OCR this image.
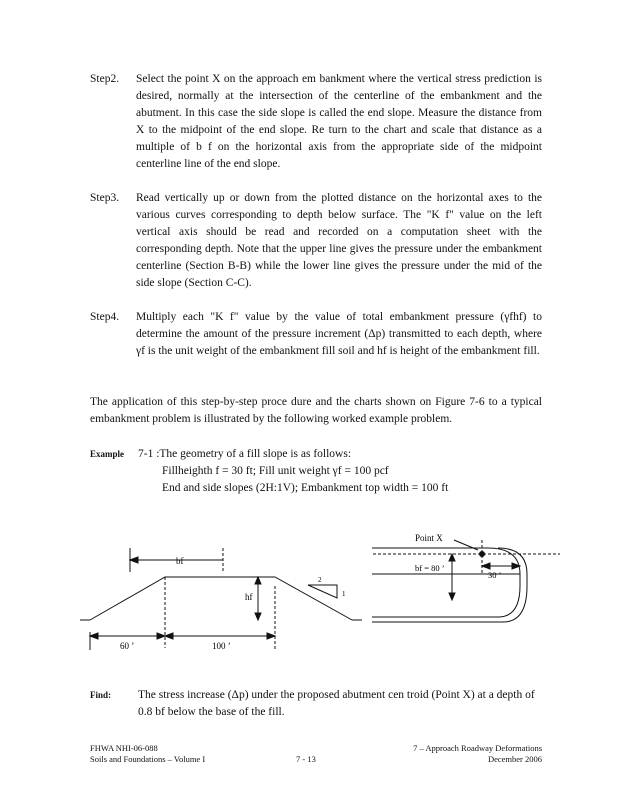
Step2.	Select the point X on the approach em bankment where the vertical stress prediction is desired, normally at the intersection of the centerline of the embankment and the abutment. In this case the side slope is called the end slope. Measure the distance from X to the midpoint of the end slope. Re turn to the chart and scale that distance as a multiple of b f on the horizontal axis from the appropriate side of the midpoint centerline line of the end slope.
Step3.	Read vertically up or down from the plotted distance on the horizontal axes to the various curves corresponding to depth below surface. The "K f" value on the left vertical axis should be read and recorded on a computation sheet with the corresponding depth. Note that the upper line gives the pressure under the embankment centerline (Section B-B) while the lower line gives the pressure under the mid of the side slope (Section C-C).
Step4.	Multiply each "K f" value by the value of total embankment pressure (γfhf) to determine the amount of the pressure increment (Δp) transmitted to each depth, where γf is the unit weight of the embankment fill soil and hf is height of the embankment fill.
The application of this step-by-step proce dure and the charts shown on Figure 7-6 to a typical embankment problem is illustrated by the following worked example problem.
Example 7-1 :The geometry of a fill slope is as follows:
Fillheighth f = 30 ft; Fill unit weight γf = 100 pcf
End and side slopes (2H:1V); Embankment top width = 100 ft
bf
hf
2
1
60 ’	100 ’
Point X
bf = 80 ’
30 ’
Find: The stress increase (Δp) under the proposed abutment cen troid (Point X) at a depth of 0.8 bf below the base of the fill.
FHWA NHI-06-088
Soils and Foundations – Volume I	7 - 13
7 – Approach Roadway Deformations
December 2006
